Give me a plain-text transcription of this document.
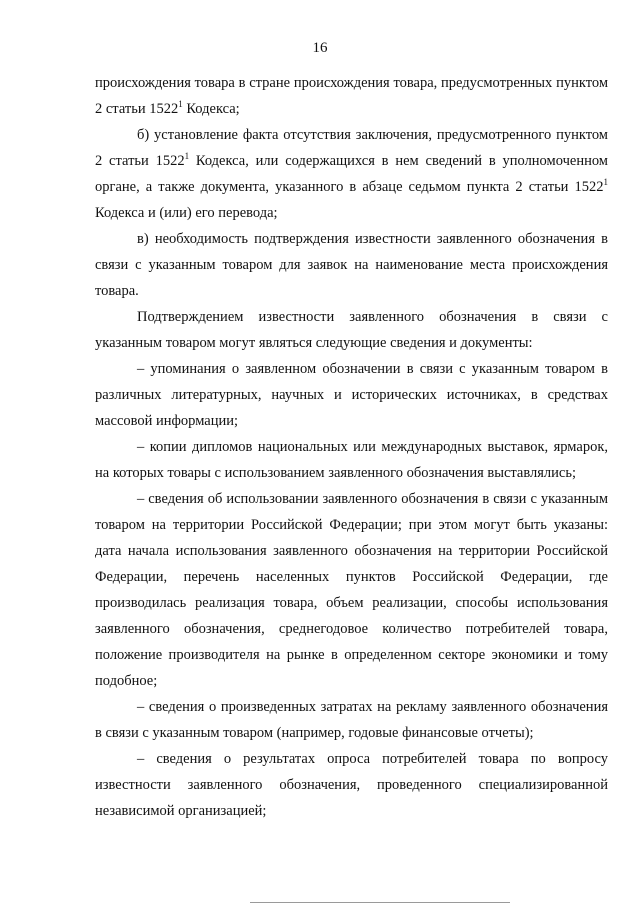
16

происхождения товара в стране происхождения товара, предусмотренных пунктом 2 статьи 1522$^1$ Кодекса;

б) установление факта отсутствия заключения, предусмотренного пунктом 2 статьи 1522$^1$ Кодекса, или содержащихся в нем сведений в уполномоченном органе, а также документа, указанного в абзаце седьмом пункта 2 статьи 1522$^1$ Кодекса и (или) его перевода;

в) необходимость подтверждения известности заявленного обозначения в связи с указанным товаром для заявок на наименование места происхождения товара.

Подтверждением известности заявленного обозначения в связи с указанным товаром могут являться следующие сведения и документы:

– упоминания о заявленном обозначении в связи с указанным товаром в различных литературных, научных и исторических источниках, в средствах массовой информации;

– копии дипломов национальных или международных выставок, ярмарок, на которых товары с использованием заявленного обозначения выставлялись;

– сведения об использовании заявленного обозначения в связи с указанным товаром на территории Российской Федерации; при этом могут быть указаны: дата начала использования заявленного обозначения на территории Российской Федерации, перечень населенных пунктов Российской Федерации, где производилась реализация товара, объем реализации, способы использования заявленного обозначения, среднегодовое количество потребителей товара, положение производителя на рынке в определенном секторе экономики и тому подобное;

– сведения о произведенных затратах на рекламу заявленного обозначения в связи с указанным товаром (например, годовые финансовые отчеты);

– сведения о результатах опроса потребителей товара по вопросу известности заявленного обозначения, проведенного специализированной независимой организацией;
